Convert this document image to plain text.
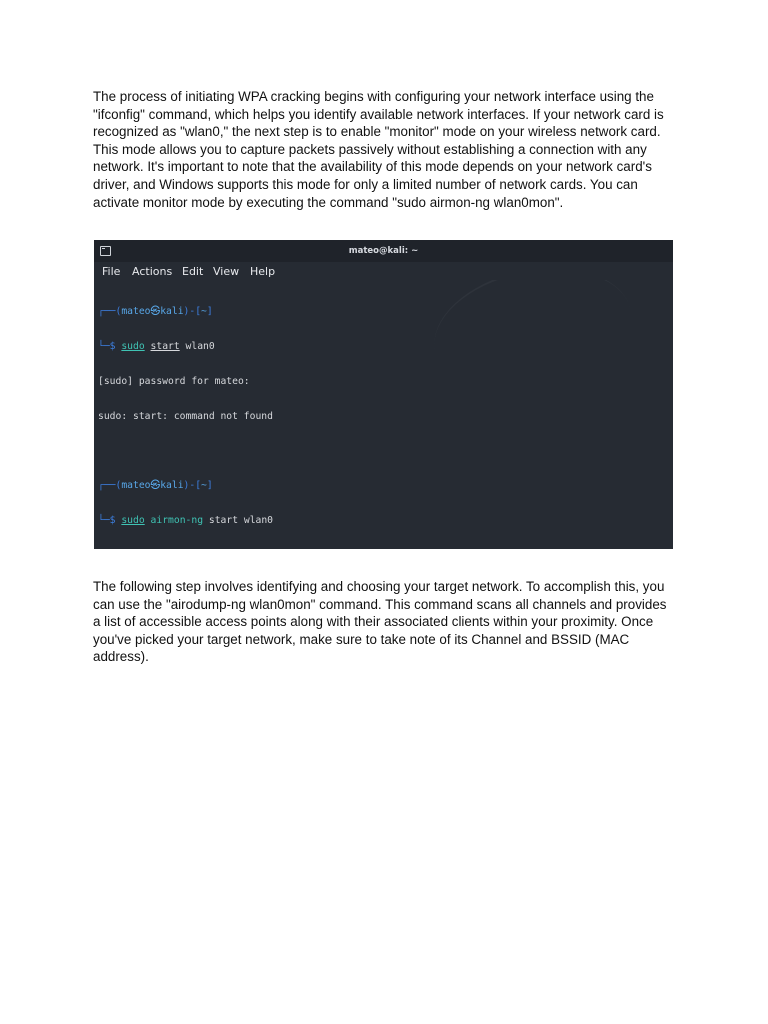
The process of initiating WPA cracking begins with configuring your network interface using the "ifconfig" command, which helps you identify available network interfaces. If your network card is recognized as "wlan0," the next step is to enable "monitor" mode on your wireless network card. This mode allows you to capture packets passively without establishing a connection with any network. It's important to note that the availability of this mode depends on your network card's driver, and Windows supports this mode for only a limited number of network cards. You can activate monitor mode by executing the command "sudo airmon-ng wlan0mon".

mateo@kali: ~
File Actions Edit View Help

┌──(mateo㉿kali)-[~]

└─$ sudo start wlan0

[sudo] password for mateo:

sudo: start: command not found

┌──(mateo㉿kali)-[~]

└─$ sudo airmon-ng start wlan0

The following step involves identifying and choosing your target network. To accomplish this, you can use the "airodump-ng wlan0mon" command. This command scans all channels and provides a list of accessible access points along with their associated clients within your proximity. Once you've picked your target network, make sure to take note of its Channel and BSSID (MAC address).
